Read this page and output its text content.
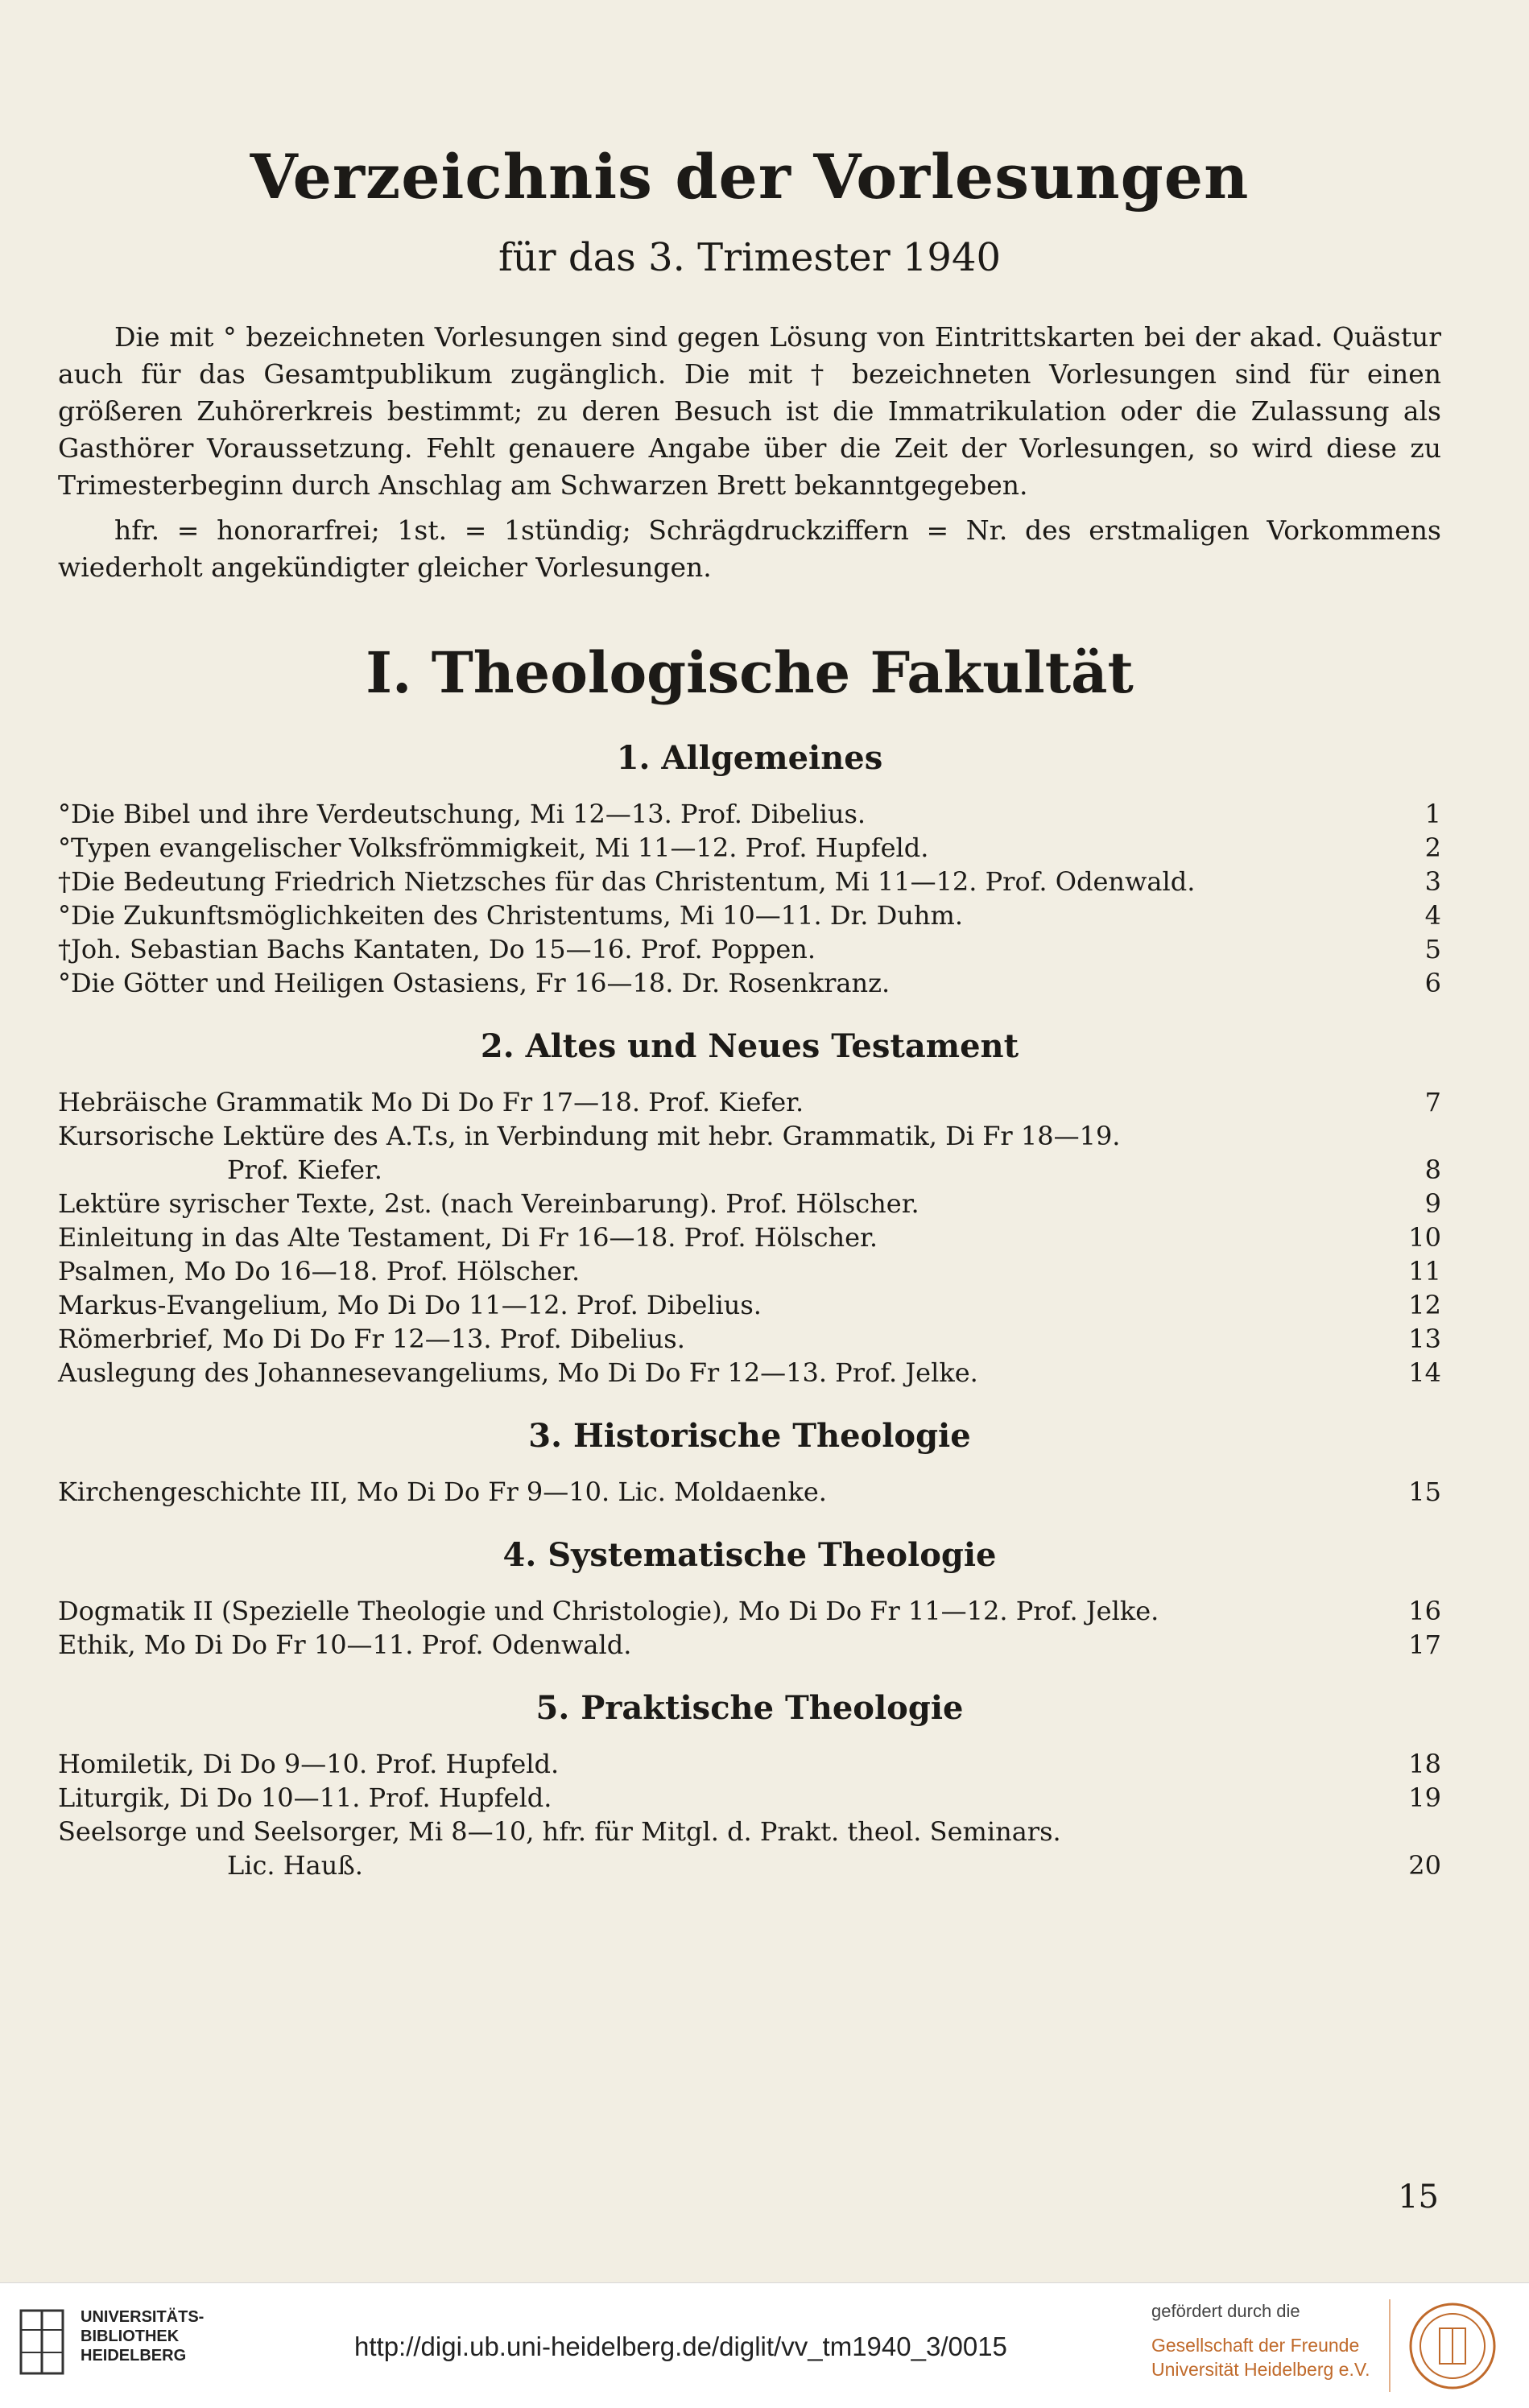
Verzeichnis der Vorlesungen
für das 3. Trimester 1940

Die mit ° bezeichneten Vorlesungen sind gegen Lösung von Eintrittskarten bei der akad. Quästur auch für das Gesamtpublikum zugänglich. Die mit † bezeichneten Vorlesungen sind für einen größeren Zuhörerkreis bestimmt; zu deren Besuch ist die Immatrikulation oder die Zulassung als Gasthörer Voraussetzung. Fehlt genauere Angabe über die Zeit der Vorlesungen, so wird diese zu Trimesterbeginn durch Anschlag am Schwarzen Brett bekanntgegeben.

hfr. = honorarfrei; 1st. = 1stündig; Schrägdruckziffern = Nr. des erstmaligen Vorkommens wiederholt angekündigter gleicher Vorlesungen.

I. Theologische Fakultät
1. Allgemeines
°Die Bibel und ihre Verdeutschung, Mi 12—13. Prof. Dibelius.	1
°Typen evangelischer Volksfrömmigkeit, Mi 11—12. Prof. Hupfeld.	2
†Die Bedeutung Friedrich Nietzsches für das Christentum, Mi 11—12. Prof. Odenwald.	3
°Die Zukunftsmöglichkeiten des Christentums, Mi 10—11. Dr. Duhm.	4
†Joh. Sebastian Bachs Kantaten, Do 15—16. Prof. Poppen.	5
°Die Götter und Heiligen Ostasiens, Fr 16—18. Dr. Rosenkranz.	6
2. Altes und Neues Testament
Hebräische Grammatik Mo Di Do Fr 17—18. Prof. Kiefer.	7
Kursorische Lektüre des A.T.s, in Verbindung mit hebr. Grammatik, Di Fr 18—19.
Prof. Kiefer.	8
Lektüre syrischer Texte, 2st. (nach Vereinbarung). Prof. Hölscher.	9
Einleitung in das Alte Testament, Di Fr 16—18. Prof. Hölscher.	10
Psalmen, Mo Do 16—18. Prof. Hölscher.	11
Markus-Evangelium, Mo Di Do 11—12. Prof. Dibelius.	12
Römerbrief, Mo Di Do Fr 12—13. Prof. Dibelius.	13
Auslegung des Johannesevangeliums, Mo Di Do Fr 12—13. Prof. Jelke.	14
3. Historische Theologie
Kirchengeschichte III, Mo Di Do Fr 9—10. Lic. Moldaenke.	15
4. Systematische Theologie
Dogmatik II (Spezielle Theologie und Christologie), Mo Di Do Fr 11—12. Prof. Jelke.	16
Ethik, Mo Di Do Fr 10—11. Prof. Odenwald.	17
5. Praktische Theologie
Homiletik, Di Do 9—10. Prof. Hupfeld.	18
Liturgik, Di Do 10—11. Prof. Hupfeld.	19
Seelsorge und Seelsorger, Mi 8—10, hfr. für Mitgl. d. Prakt. theol. Seminars.
Lic. Hauß.	20
15
UNIVERSITÄTS-
BIBLIOTHEK
HEIDELBERG	http://digi.ub.uni-heidelberg.de/diglit/vv_tm1940_3/0015
gefördert durch die
Gesellschaft der Freunde
Universität Heidelberg e.V.
